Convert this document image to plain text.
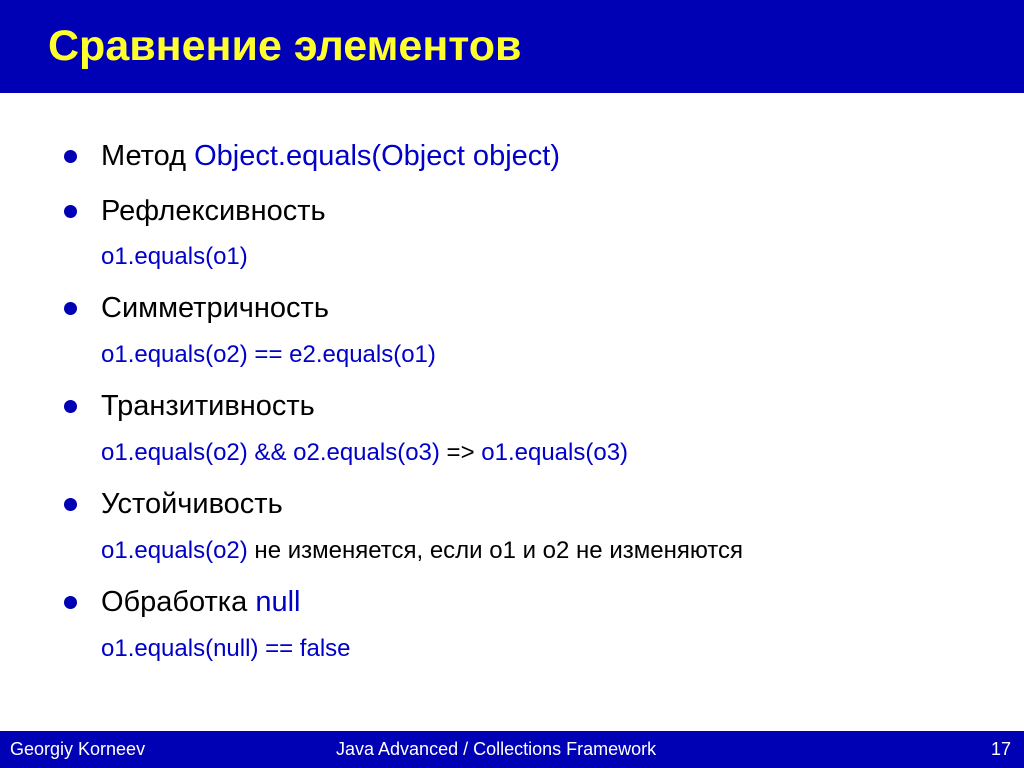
Сравнение элементов
Метод Object.equals(Object object)
Рефлексивность
o1.equals(o1)
Симметричность
o1.equals(o2) == e2.equals(o1)
Транзитивность
o1.equals(o2) && o2.equals(o3) => o1.equals(o3)
Устойчивость
o1.equals(o2) не изменяется, если o1 и o2 не изменяются
Обработка null
o1.equals(null) == false
Georgiy Korneev	Java Advanced / Collections Framework	17
